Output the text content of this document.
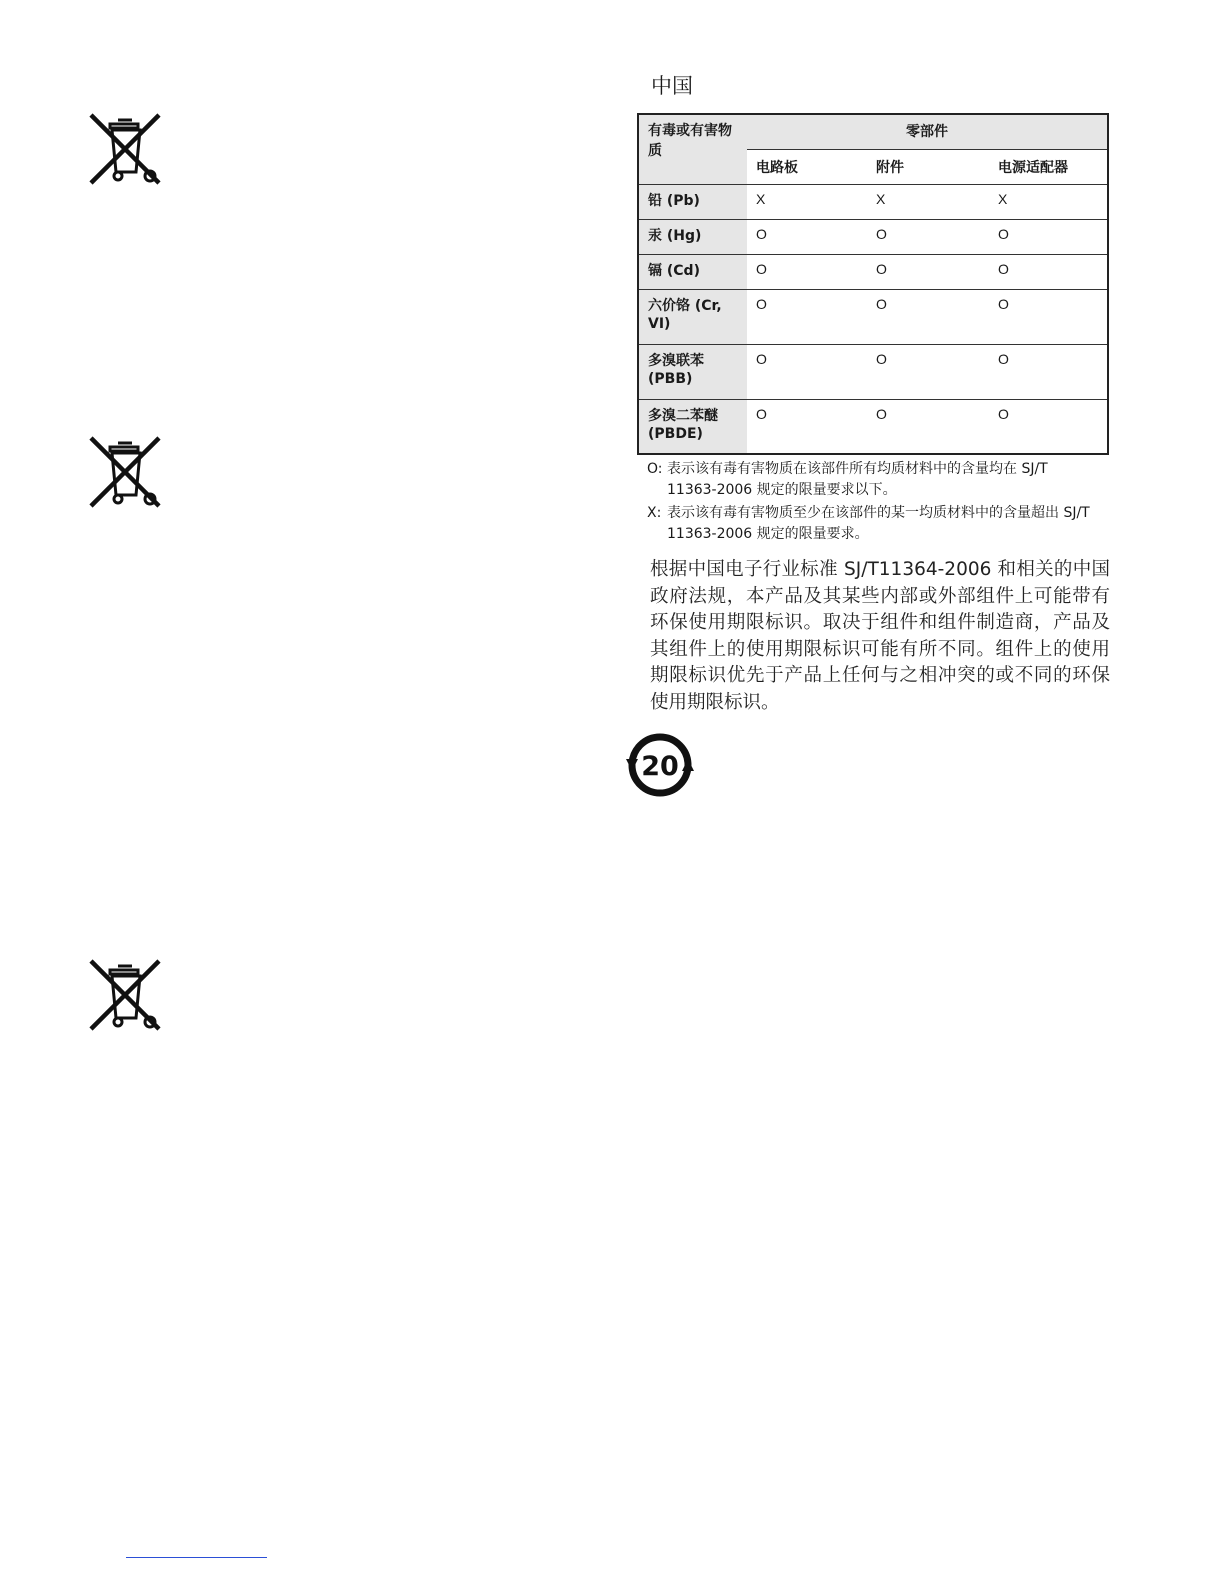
中国
有毒或有害物质	零部件		
	电路板	附件	电源适配器
铅 (Pb)	X	X	X
汞 (Hg)	O	O	O
镉 (Cd)	O	O	O
六价铬 (Cr, VI)	O	O	O
多溴联苯 (PBB)	O	O	O
多溴二苯醚 (PBDE)	O	O	O
O: 表示该有毒有害物质在该部件所有均质材料中的含量均在 SJ/T 11363-2006 规定的限量要求以下。
X: 表示该有毒有害物质至少在该部件的某一均质材料中的含量超出 SJ/T 11363-2006 规定的限量要求。

根据中国电子行业标准 SJ/T11364-2006 和相关的中国政府法规，本产品及其某些内部或外部组件上可能带有环保使用期限标识。取决于组件和组件制造商，产品及其组件上的使用期限标识可能有所不同。组件上的使用期限标识优先于产品上任何与之相冲突的或不同的环保使用期限标识。

20
